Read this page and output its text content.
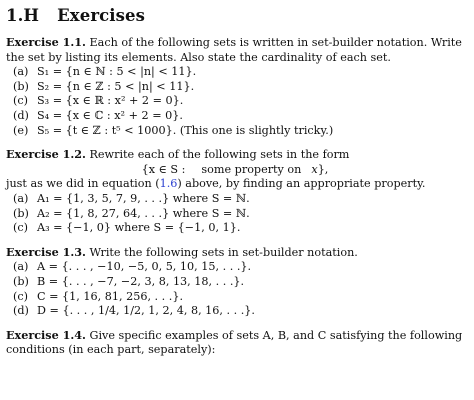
1.H Exercises

Exercise 1.1. Each of the following sets is written in set-builder notation. Write the set by listing its elements. Also state the cardinality of each set.

(a) S₁ = {n ∈ ℕ : 5 < |n| < 11}.
(b) S₂ = {n ∈ ℤ : 5 < |n| < 11}.
(c) S₃ = {x ∈ ℝ : x² + 2 = 0}.
(d) S₄ = {x ∈ ℂ : x² + 2 = 0}.
(e) S₅ = {t ∈ ℤ : t⁵ < 1000}. (This one is slightly tricky.)

Exercise 1.2. Rewrite each of the following sets in the form

{x ∈ S : some property on x},

just as we did in equation (1.6) above, by finding an appropriate property.

(a) A₁ = {1, 3, 5, 7, 9, . . .} where S = ℕ.
(b) A₂ = {1, 8, 27, 64, . . .} where S = ℕ.
(c) A₃ = {−1, 0} where S = {−1, 0, 1}.

Exercise 1.3. Write the following sets in set-builder notation.

(a) A = {. . . , −10, −5, 0, 5, 10, 15, . . .}.
(b) B = {. . . , −7, −2, 3, 8, 13, 18, . . .}.
(c) C = {1, 16, 81, 256, . . .}.
(d) D = {. . . , 1/4, 1/2, 1, 2, 4, 8, 16, . . .}.

Exercise 1.4. Give specific examples of sets A, B, and C satisfying the following conditions (in each part, separately):
